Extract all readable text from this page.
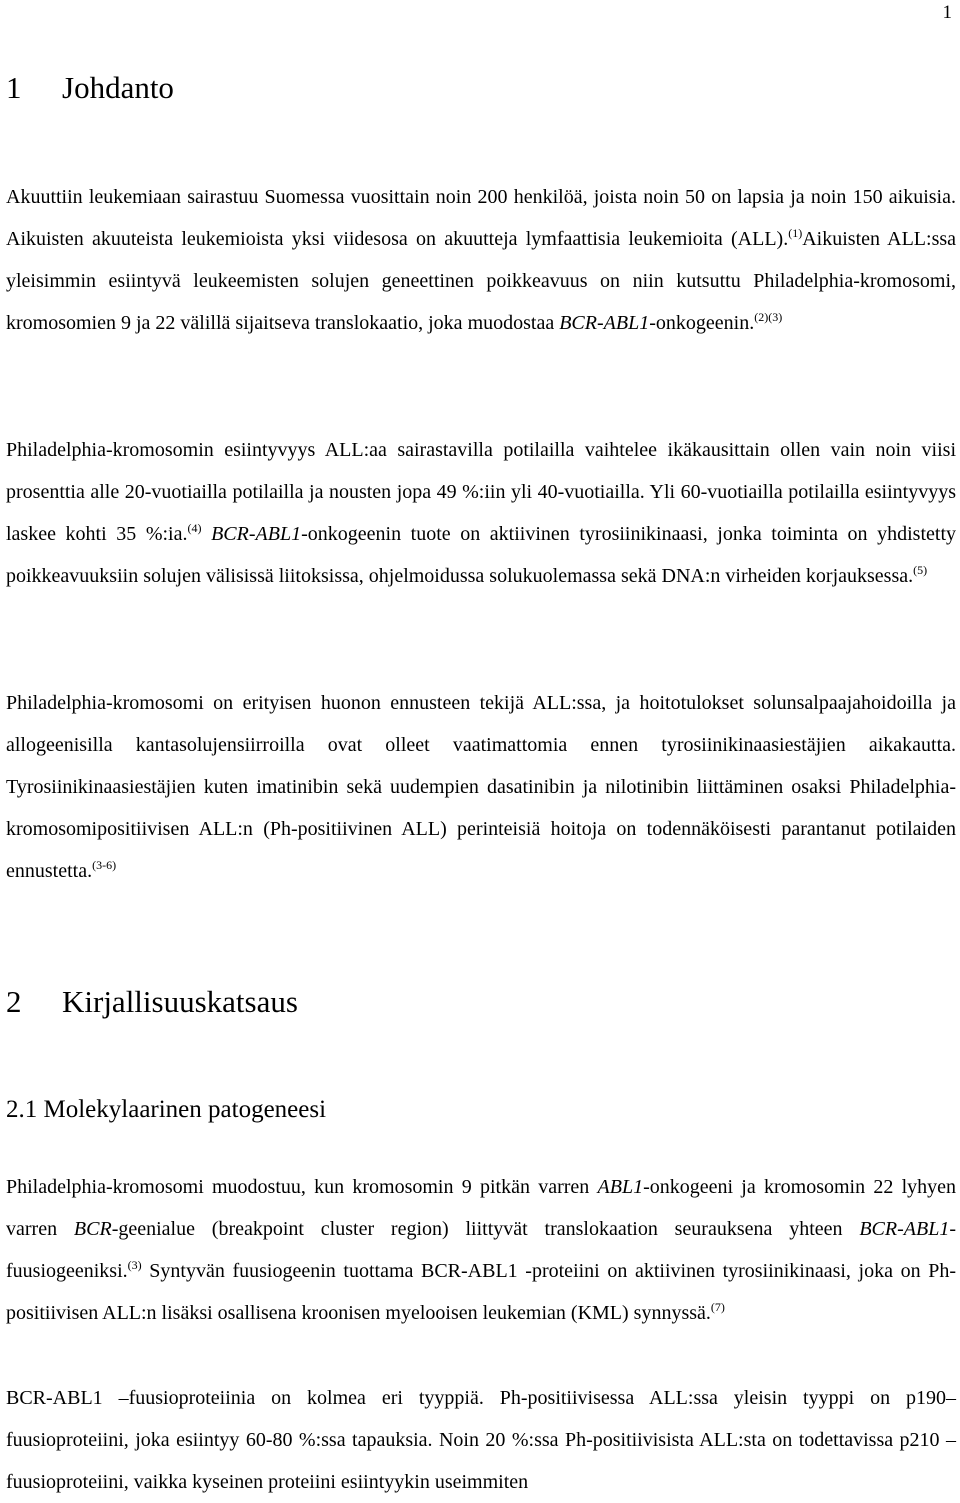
1
1 Johdanto
Akuuttiin leukemiaan sairastuu Suomessa vuosittain noin 200 henkilöä, joista noin 50 on lapsia ja noin 150 aikuisia. Aikuisten akuuteista leukemioista yksi viidesosa on akuutteja lymfaattisia leukemioita (ALL).$^{(1)}$Aikuisten ALL:ssa yleisimmin esiintyvä leukeemisten solujen geneettinen poikkeavuus on niin kutsuttu Philadelphia-kromosomi, kromosomien 9 ja 22 välillä sijaitseva translokaatio, joka muodostaa BCR-ABL1-onkogeenin.$^{(2)(3)}$
Philadelphia-kromosomin esiintyvyys ALL:aa sairastavilla potilailla vaihtelee ikäkausittain ollen vain noin viisi prosenttia alle 20-vuotiailla potilailla ja nousten jopa 49 %:iin yli 40-vuotiailla. Yli 60-vuotiailla potilailla esiintyvyys laskee kohti 35 %:ia.$^{(4)}$ BCR-ABL1-onkogeenin tuote on aktiivinen tyrosiinikinaasi, jonka toiminta on yhdistetty poikkeavuuksiin solujen välisissä liitoksissa, ohjelmoidussa solukuolemassa sekä DNA:n virheiden korjauksessa.$^{(5)}$
Philadelphia-kromosomi on erityisen huonon ennusteen tekijä ALL:ssa, ja hoitotulokset solunsalpaajahoidoilla ja allogeenisilla kantasolujensiirroilla ovat olleet vaatimattomia ennen tyrosiinikinaasiestäjien aikakautta. Tyrosiinikinaasiestäjien kuten imatinibin sekä uudempien dasatinibin ja nilotinibin liittäminen osaksi Philadelphia-kromosomipositiivisen ALL:n (Ph-positiivinen ALL) perinteisiä hoitoja on todennäköisesti parantanut potilaiden ennustetta.$^{(3-6)}$
2 Kirjallisuuskatsaus
2.1 Molekylaarinen patogeneesi
Philadelphia-kromosomi muodostuu, kun kromosomin 9 pitkän varren ABL1-onkogeeni ja kromosomin 22 lyhyen varren BCR-geenialue (breakpoint cluster region) liittyvät translokaation seurauksena yhteen BCR-ABL1-fuusiogeeniksi.$^{(3)}$ Syntyvän fuusiogeenin tuottama BCR-ABL1 -proteiini on aktiivinen tyrosiinikinaasi, joka on Ph-positiivisen ALL:n lisäksi osallisena kroonisen myelooisen leukemian (KML) synnyssä.$^{(7)}$
BCR-ABL1 –fuusioproteiinia on kolmea eri tyyppiä. Ph-positiivisessa ALL:ssa yleisin tyyppi on p190–fuusioproteiini, joka esiintyy 60-80 %:ssa tapauksia. Noin 20 %:ssa Ph-positiivisista ALL:sta on todettavissa p210 –fuusioproteiini, vaikka kyseinen proteiini esiintyykin useimmiten
